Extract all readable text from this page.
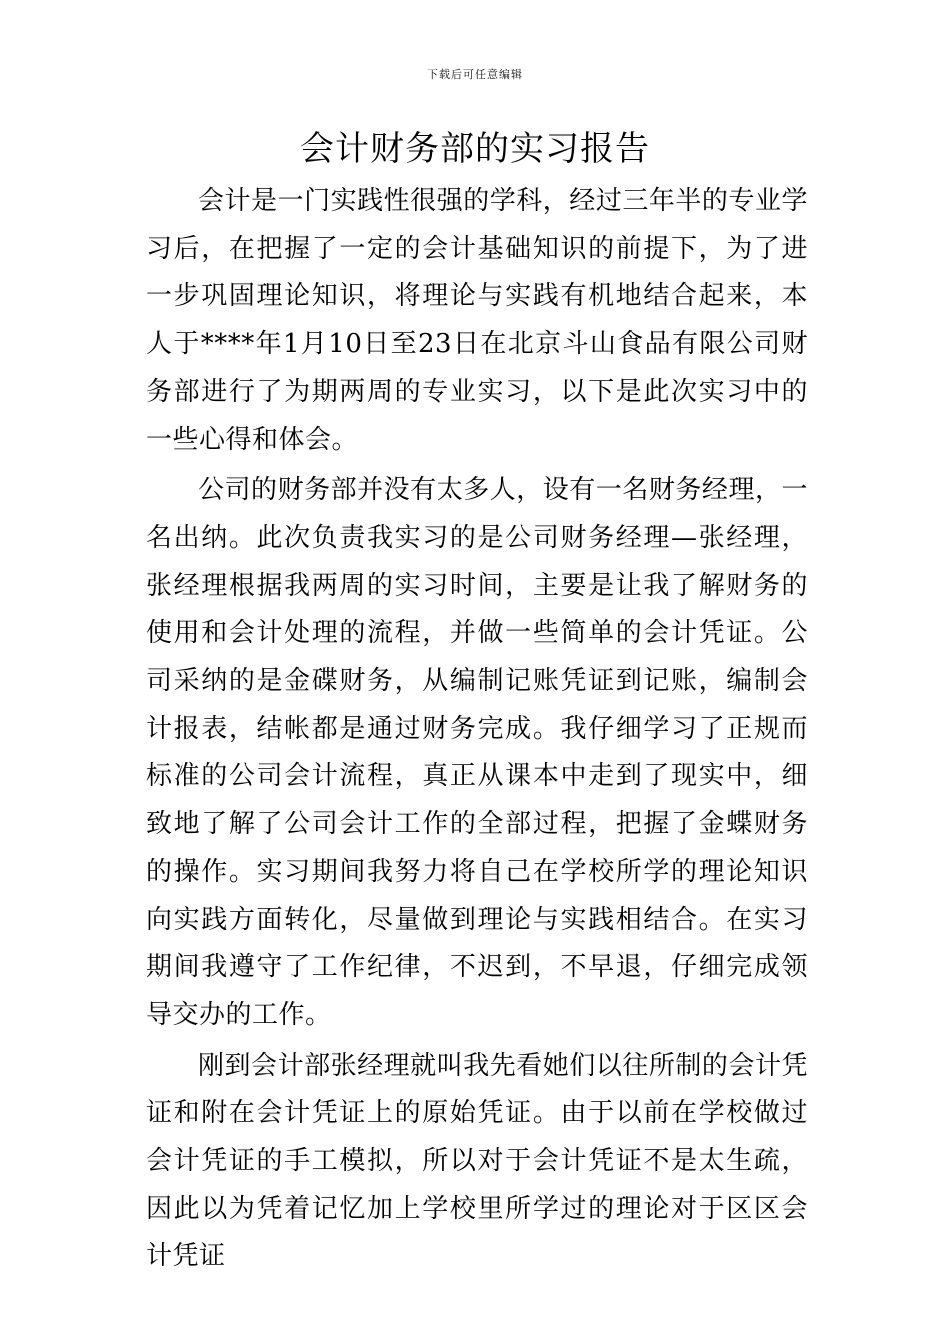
下载后可任意编辑
会计财务部的实习报告

会计是一门实践性很强的学科，经过三年半的专业学习后，在把握了一定的会计基础知识的前提下，为了进一步巩固理论知识，将理论与实践有机地结合起来，本人于****年1月10日至23日在北京斗山食品有限公司财务部进行了为期两周的专业实习，以下是此次实习中的一些心得和体会。

公司的财务部并没有太多人，设有一名财务经理，一名出纳。此次负责我实习的是公司财务经理—张经理，张经理根据我两周的实习时间，主要是让我了解财务的使用和会计处理的流程，并做一些简单的会计凭证。公司采纳的是金碟财务，从编制记账凭证到记账，编制会计报表，结帐都是通过财务完成。我仔细学习了正规而标准的公司会计流程，真正从课本中走到了现实中，细致地了解了公司会计工作的全部过程，把握了金蝶财务的操作。实习期间我努力将自己在学校所学的理论知识向实践方面转化，尽量做到理论与实践相结合。在实习期间我遵守了工作纪律，不迟到，不早退，仔细完成领导交办的工作。

刚到会计部张经理就叫我先看她们以往所制的会计凭证和附在会计凭证上的原始凭证。由于以前在学校做过会计凭证的手工模拟，所以对于会计凭证不是太生疏，因此以为凭着记忆加上学校里所学过的理论对于区区会计凭证
